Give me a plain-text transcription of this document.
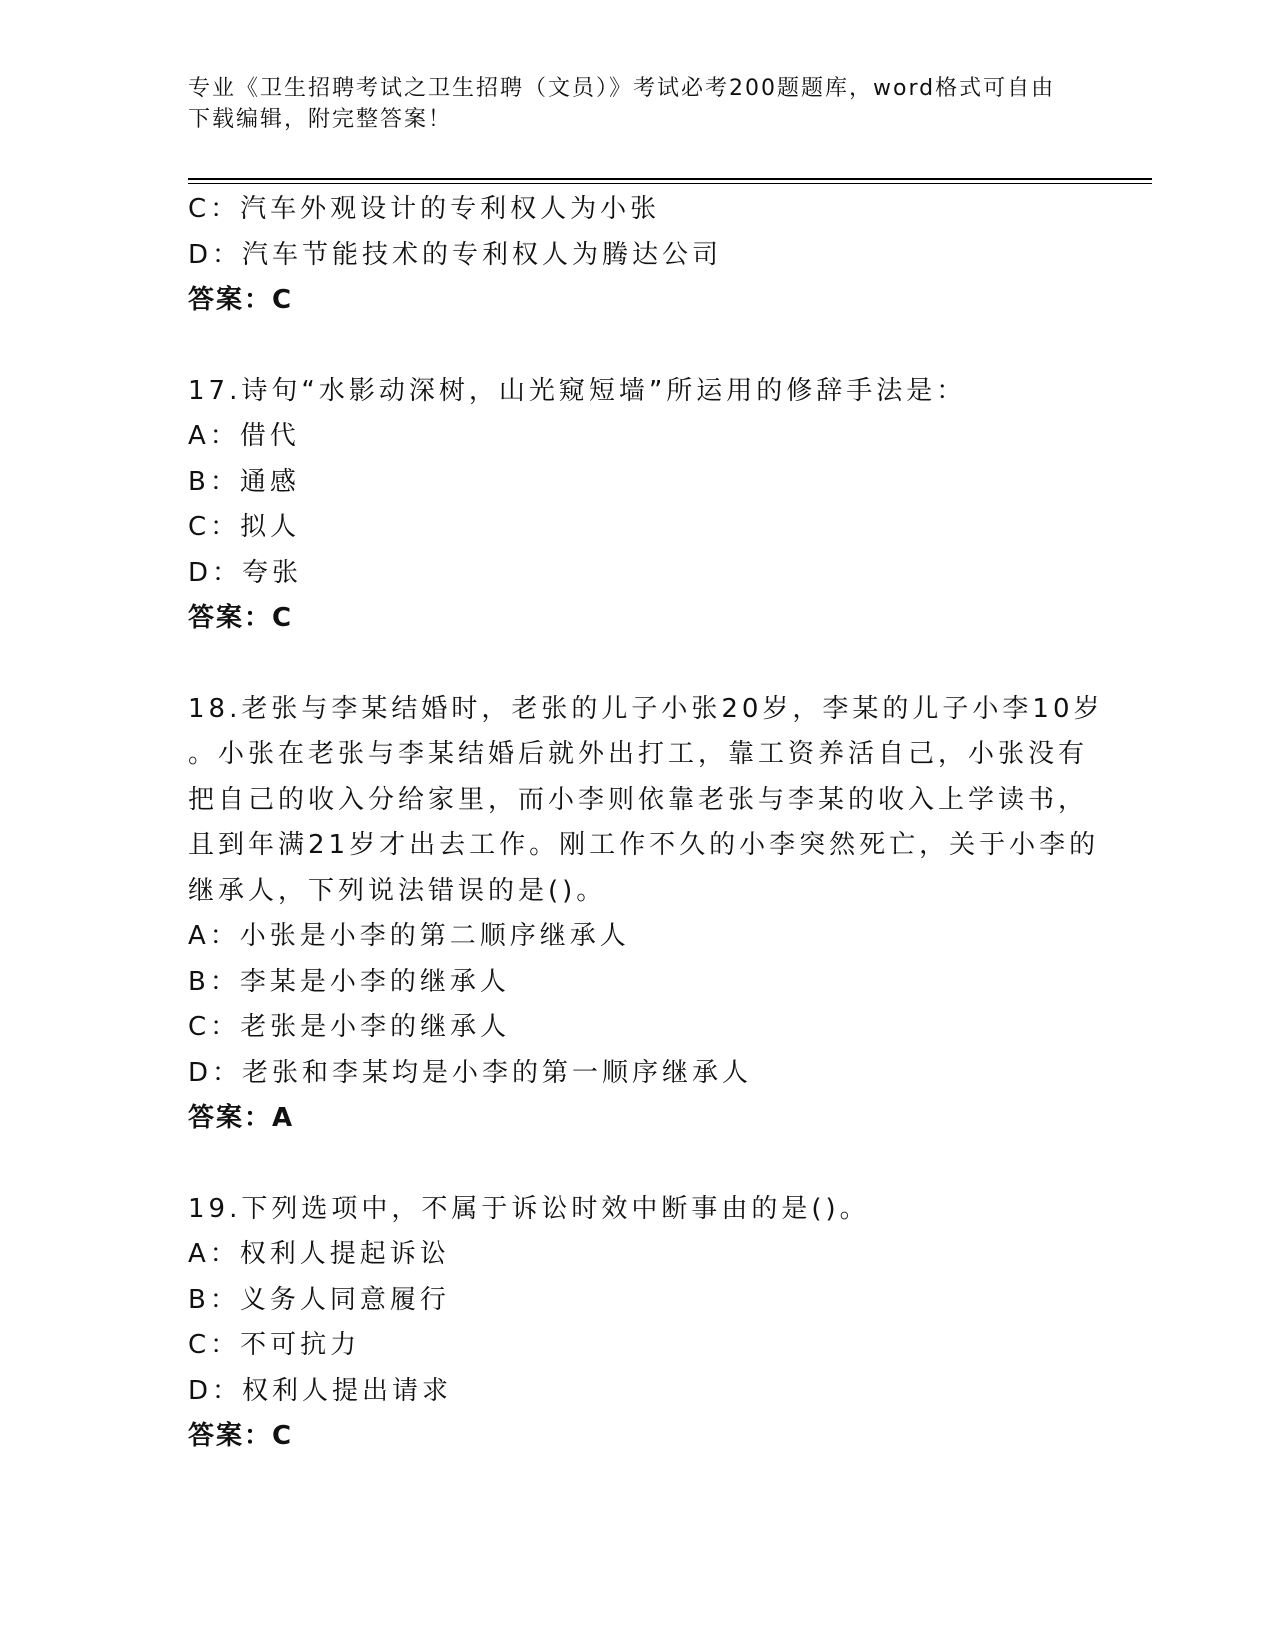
专业《卫生招聘考试之卫生招聘（文员）》考试必考200题题库，word格式可自由下载编辑，附完整答案！
C：汽车外观设计的专利权人为小张
D：汽车节能技术的专利权人为腾达公司
答案：C
17.诗句“水影动深树，山光窥短墙”所运用的修辞手法是：
A：借代
B：通感
C：拟人
D：夸张
答案：C
18.老张与李某结婚时，老张的儿子小张20岁，李某的儿子小李10岁
。小张在老张与李某结婚后就外出打工，靠工资养活自己，小张没有
把自己的收入分给家里，而小李则依靠老张与李某的收入上学读书，
且到年满21岁才出去工作。刚工作不久的小李突然死亡，关于小李的
继承人，下列说法错误的是()。
A：小张是小李的第二顺序继承人
B：李某是小李的继承人
C：老张是小李的继承人
D：老张和李某均是小李的第一顺序继承人
答案：A
19.下列选项中，不属于诉讼时效中断事由的是()。
A：权利人提起诉讼
B：义务人同意履行
C：不可抗力
D：权利人提出请求
答案：C
